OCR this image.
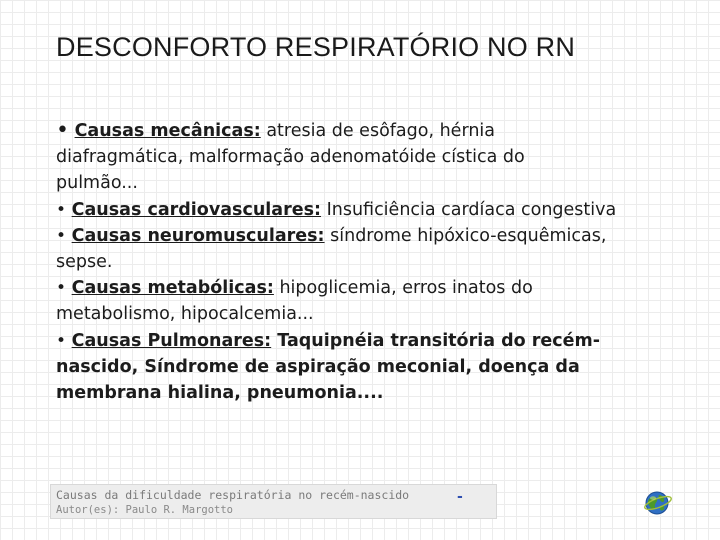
DESCONFORTO RESPIRATÓRIO NO RN

• Causas mecânicas: atresia de esôfago, hérnia
diafragmática, malformação adenomatóide cística do
pulmão...

• Causas cardiovasculares: Insuficiência cardíaca congestiva

• Causas neuromusculares: síndrome hipóxico-esquêmicas,
sepse.

• Causas metabólicas: hipoglicemia, erros inatos do
metabolismo, hipocalcemia...

• Causas Pulmonares: Taquipnéia transitória do recém-
nascido, Síndrome de aspiração meconial, doença da
membrana hialina, pneumonia....

Causas da dificuldade respiratória no recém-nascido
Autor(es): Paulo R. Margotto
-
